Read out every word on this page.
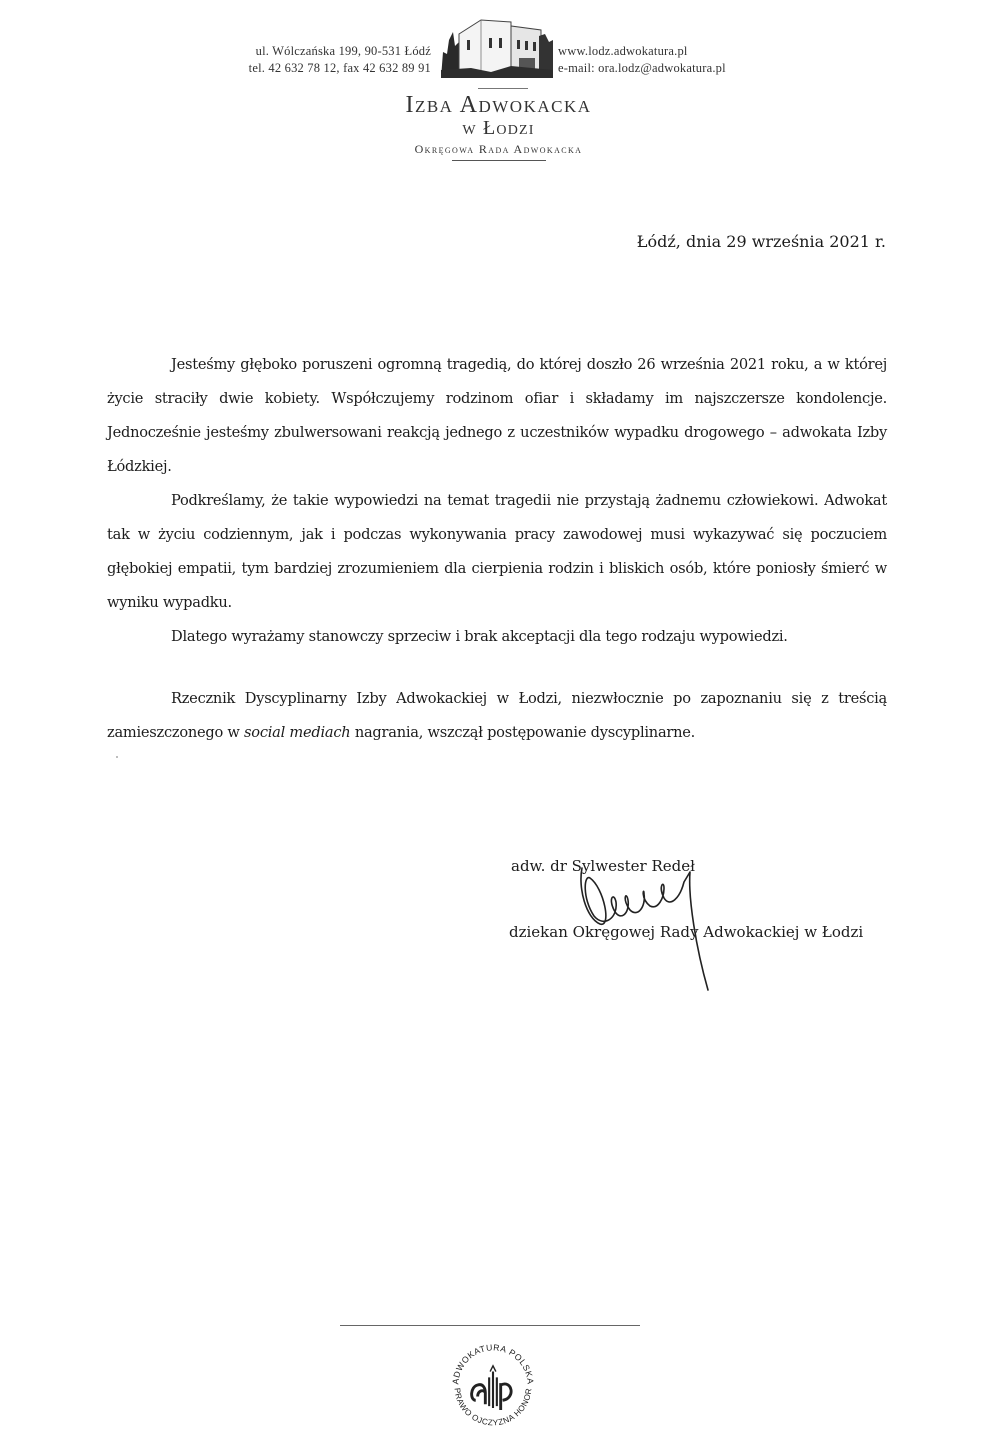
ul. Wólczańska 199, 90-531 Łódź
tel. 42 632 78 12, fax 42 632 89 91
www.lodz.adwokatura.pl
e-mail: ora.lodz@adwokatura.pl
Izba Adwokacka
w Łodzi
Okręgowa Rada Adwokacka
Łódź, dnia 29 września 2021 r.

Jesteśmy głęboko poruszeni ogromną tragedią, do której doszło 26 września 2021 roku, a w której życie straciły dwie kobiety. Współczujemy rodzinom ofiar i składamy im najszczersze kondolencje. Jednocześnie jesteśmy zbulwersowani reakcją jednego z uczestników wypadku drogowego – adwokata Izby Łódzkiej.

Podkreślamy, że takie wypowiedzi na temat tragedii nie przystają żadnemu człowiekowi. Adwokat tak w życiu codziennym, jak i podczas wykonywania pracy zawodowej musi wykazywać się poczuciem głębokiej empatii, tym bardziej zrozumieniem dla cierpienia rodzin i bliskich osób, które poniosły śmierć w wyniku wypadku.

Dlatego wyrażamy stanowczy sprzeciw i brak akceptacji dla tego rodzaju wypowiedzi.

Rzecznik Dyscyplinarny Izby Adwokackiej w Łodzi, niezwłocznie po zapoznaniu się z treścią zamieszczonego w social mediach nagrania, wszczął postępowanie dyscyplinarne.

adw. dr Sylwester Redeł
dziekan Okręgowej Rady Adwokackiej w Łodzi
ADWOKATURA POLSKA
PRAWO OJCZYZNA HONOR
